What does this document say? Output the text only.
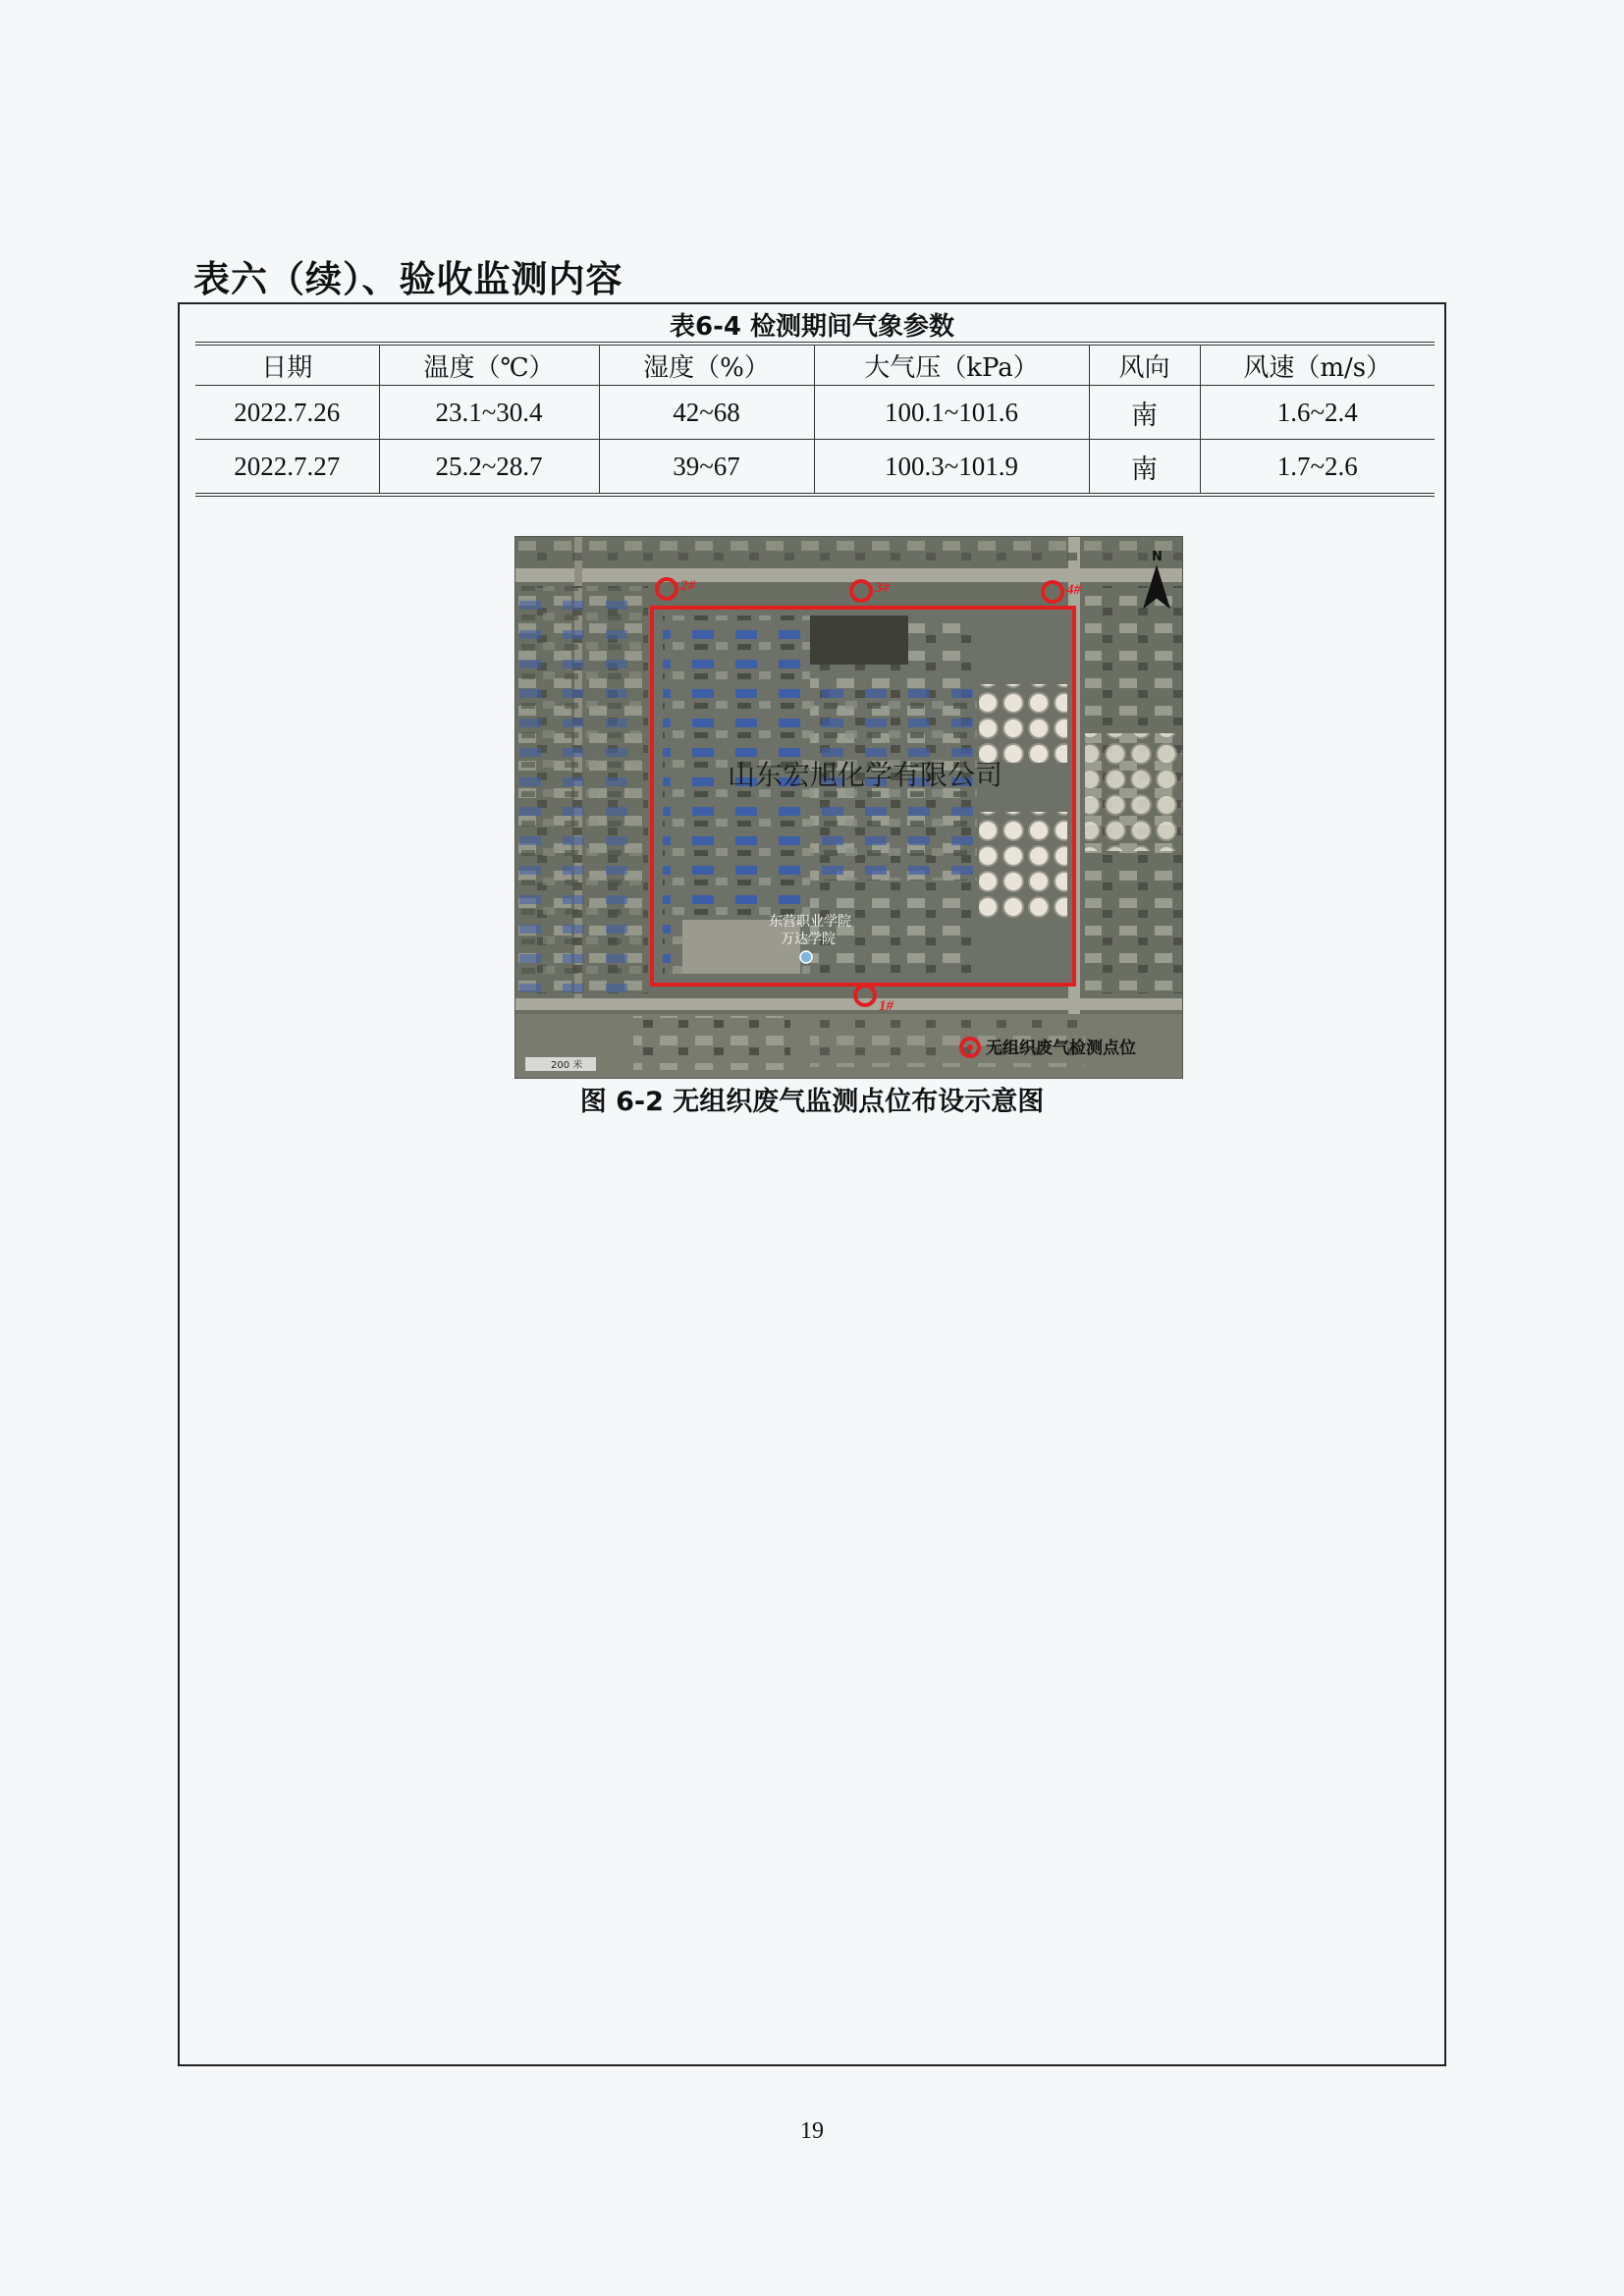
表六（续）、验收监测内容
表6-4 检测期间气象参数
日期	温度（℃）	湿度（%）	大气压（kPa）	风向	风速（m/s）
2022.7.26	23.1~30.4	42~68	100.1~101.6	南	1.6~2.4
2022.7.27	25.2~28.7	39~67	100.3~101.9	南	1.7~2.6
2#	3#	4#
1#
山东宏旭化学有限公司
东营职业学院
万达学院
N
200 米
无组织废气检测点位
图 6-2 无组织废气监测点位布设示意图
19
